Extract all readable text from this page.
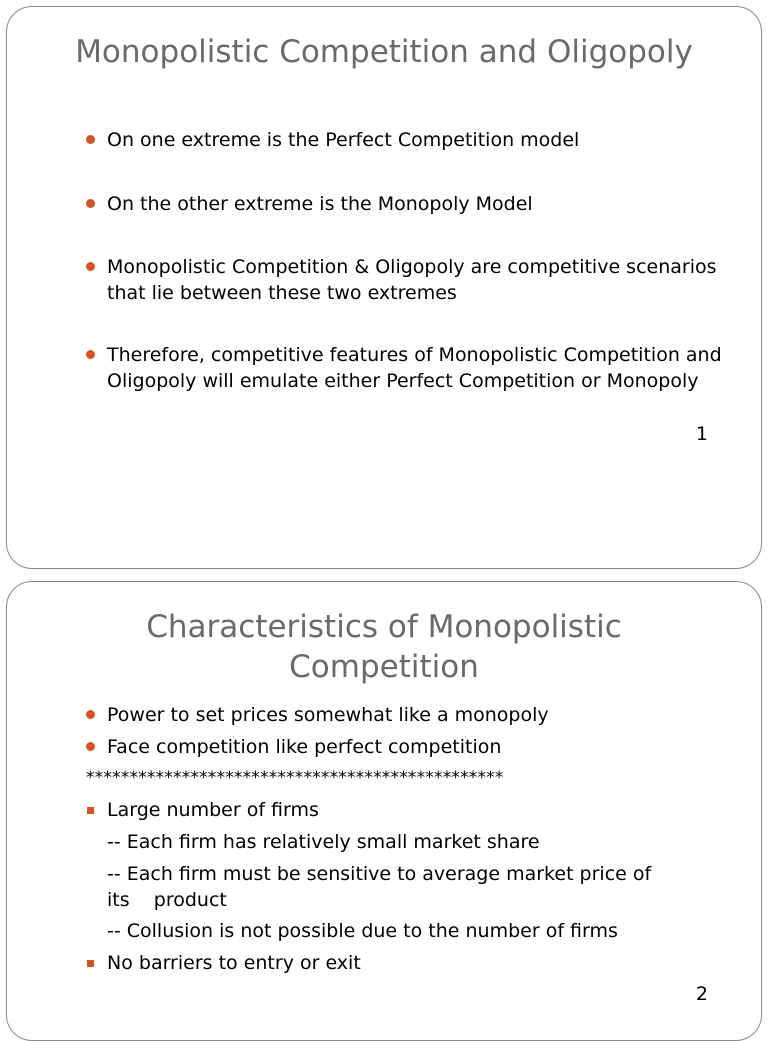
Monopolistic Competition and Oligopoly
On one extreme is the Perfect Competition model
On the other extreme is the Monopoly Model
Monopolistic Competition & Oligopoly are competitive scenarios that lie between these two extremes
Therefore, competitive features of Monopolistic Competition and Oligopoly will emulate either Perfect Competition or Monopoly
1
Characteristics of Monopolistic Competition
Power to set prices somewhat like a monopoly
Face competition like perfect competition
************************************************
Large number of firms
-- Each firm has relatively small market share
-- Each firm must be sensitive to average market price of its    product
-- Collusion is not possible due to the number of firms
No barriers to entry or exit
2
